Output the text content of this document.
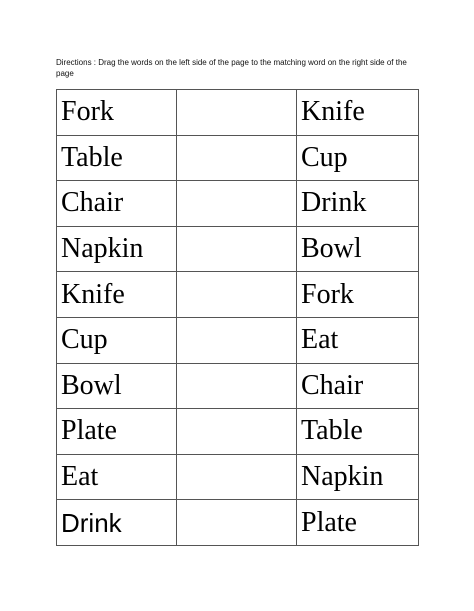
Directions : Drag the words on the left side of the page to the matching word on the right side of the page
Fork		Knife
Table		Cup
Chair		Drink
Napkin		Bowl
Knife		Fork
Cup		Eat
Bowl		Chair
Plate		Table
Eat		Napkin
Drink		Plate
